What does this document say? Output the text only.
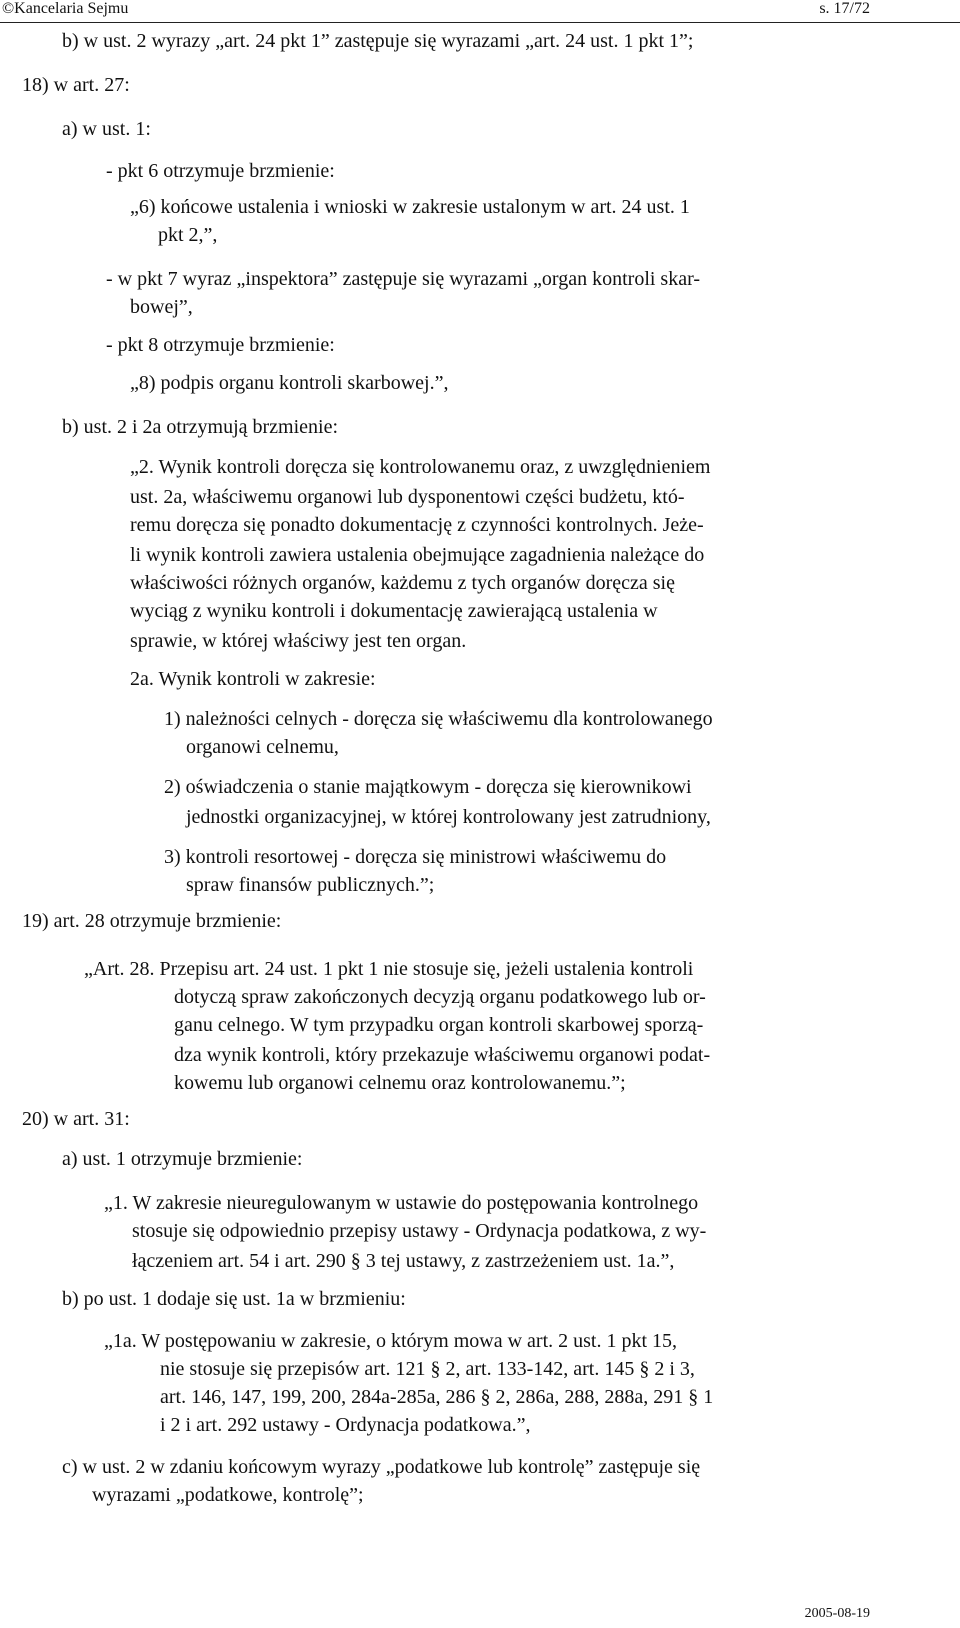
©Kancelaria Sejmu	s. 17/72
b) w ust. 2 wyrazy „art. 24 pkt 1” zastępuje się wyrazami „art. 24 ust. 1 pkt 1”;
18) w art. 27:
a) w ust. 1:
- pkt 6 otrzymuje brzmienie:
„6) końcowe ustalenia i wnioski w zakresie ustalonym w art. 24 ust. 1
pkt 2,”,
- w pkt 7 wyraz „inspektora” zastępuje się wyrazami „organ kontroli skar-
bowej”,
- pkt 8 otrzymuje brzmienie:
„8) podpis organu kontroli skarbowej.”,
b) ust. 2 i 2a otrzymują brzmienie:
„2. Wynik kontroli doręcza się kontrolowanemu oraz, z uwzględnieniem
ust. 2a, właściwemu organowi lub dysponentowi części budżetu, któ-
remu doręcza się ponadto dokumentację z czynności kontrolnych. Jeże-
li wynik kontroli zawiera ustalenia obejmujące zagadnienia należące do
właściwości różnych organów, każdemu z tych organów doręcza się
wyciąg z wyniku kontroli i dokumentację zawierającą ustalenia w
sprawie, w której właściwy jest ten organ.
2a. Wynik kontroli w zakresie:
1) należności celnych - doręcza się właściwemu dla kontrolowanego
organowi celnemu,
2) oświadczenia o stanie majątkowym - doręcza się kierownikowi
jednostki organizacyjnej, w której kontrolowany jest zatrudniony,
3) kontroli resortowej - doręcza się ministrowi właściwemu do
spraw finansów publicznych.”;
19) art. 28 otrzymuje brzmienie:
„Art. 28. Przepisu art. 24 ust. 1 pkt 1 nie stosuje się, jeżeli ustalenia kontroli
dotyczą spraw zakończonych decyzją organu podatkowego lub or-
ganu celnego. W tym przypadku organ kontroli skarbowej sporzą-
dza wynik kontroli, który przekazuje właściwemu organowi podat-
kowemu lub organowi celnemu oraz kontrolowanemu.”;
20) w art. 31:
a) ust. 1 otrzymuje brzmienie:
„1. W zakresie nieuregulowanym w ustawie do postępowania kontrolnego
stosuje się odpowiednio przepisy ustawy - Ordynacja podatkowa, z wy-
łączeniem art. 54 i art. 290 § 3 tej ustawy, z zastrzeżeniem ust. 1a.”,
b) po ust. 1 dodaje się ust. 1a w brzmieniu:
„1a. W postępowaniu w zakresie, o którym mowa w art. 2 ust. 1 pkt 15,
nie stosuje się przepisów art. 121 § 2, art. 133-142, art. 145 § 2 i 3,
art. 146, 147, 199, 200, 284a-285a, 286 § 2, 286a, 288, 288a, 291 § 1
i 2 i art. 292 ustawy - Ordynacja podatkowa.”,
c) w ust. 2 w zdaniu końcowym wyrazy „podatkowe lub kontrolę” zastępuje się
wyrazami „podatkowe, kontrolę”;
2005-08-19
